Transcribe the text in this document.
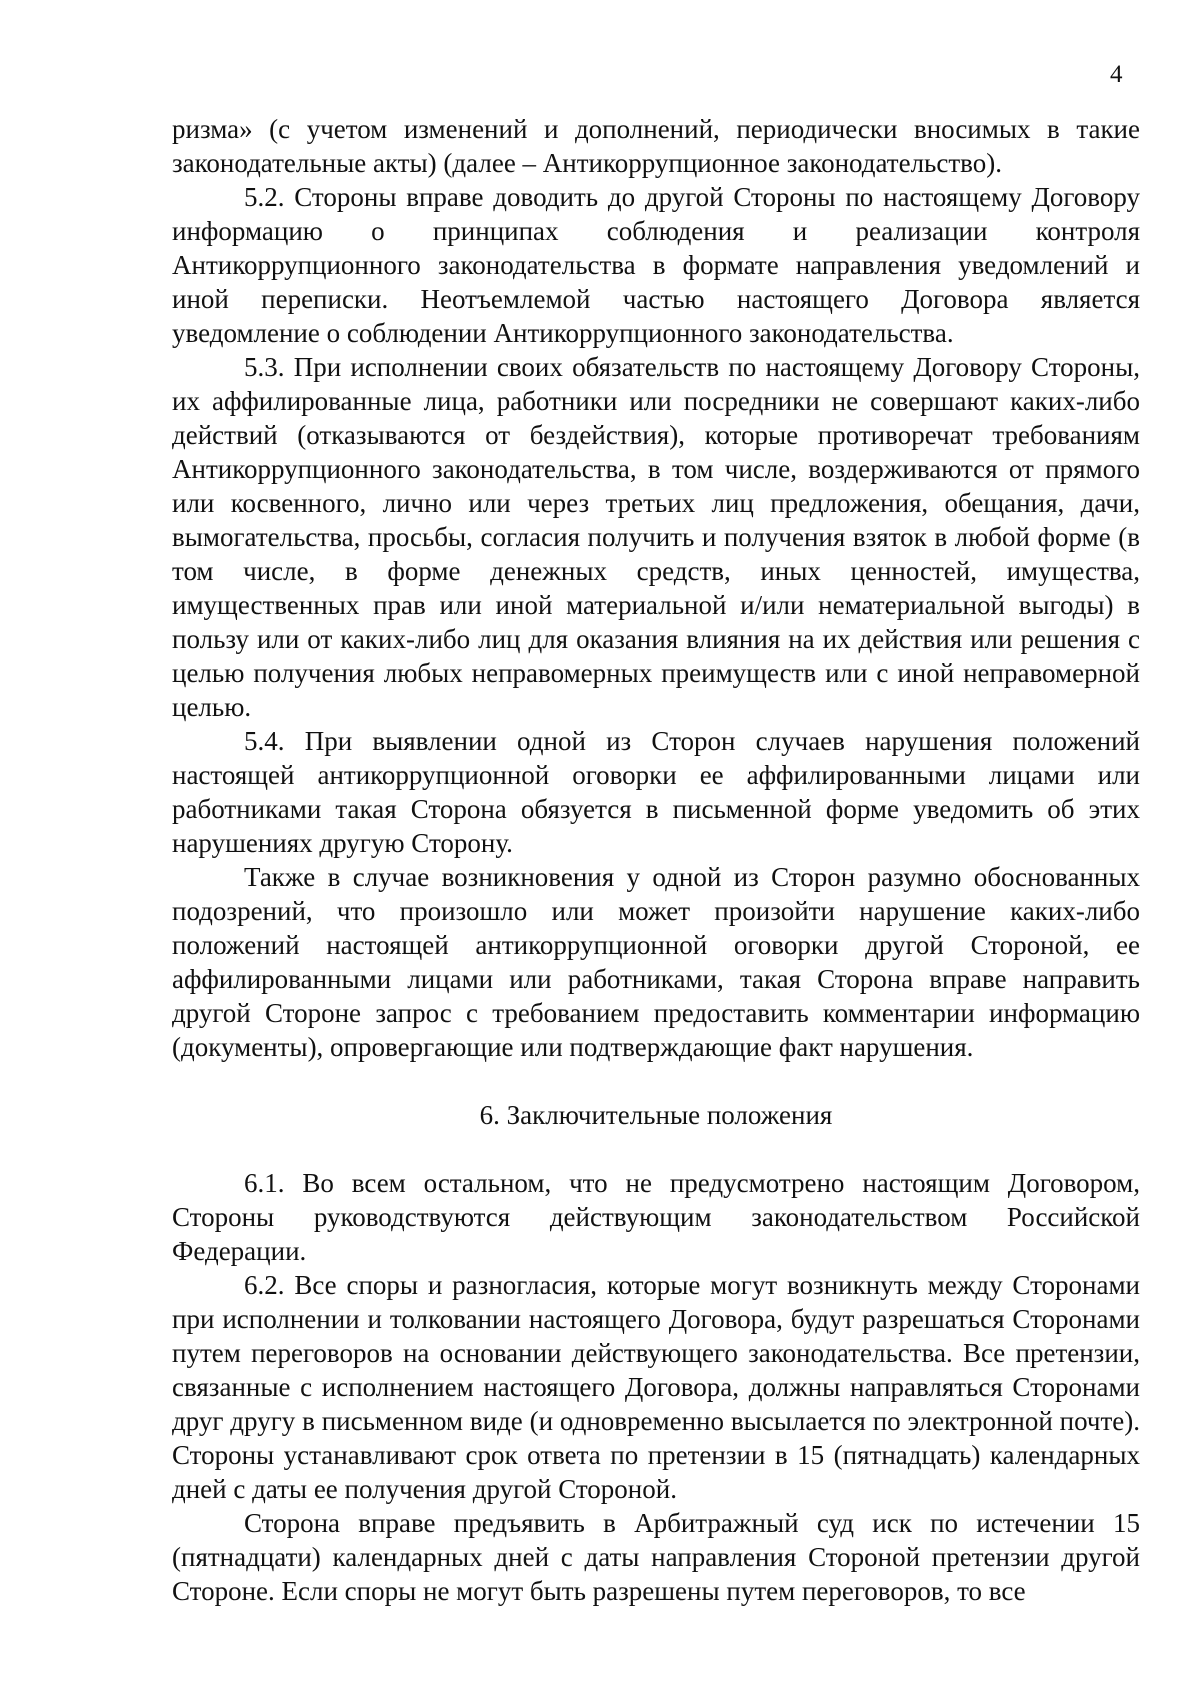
4

ризма» (с учетом изменений и дополнений, периодически вносимых в такие законодательные акты) (далее – Антикоррупционное законодательство).

5.2. Стороны вправе доводить до другой Стороны по настоящему Договору информацию о принципах соблюдения и реализации контроля Антикоррупционного законодательства в формате направления уведомлений и иной переписки. Неотъемлемой частью настоящего Договора является уведомление о соблюдении Антикоррупционного законодательства.

5.3. При исполнении своих обязательств по настоящему Договору Стороны, их аффилированные лица, работники или посредники не совершают каких-либо действий (отказываются от бездействия), которые противоречат требованиям Антикоррупционного законодательства, в том числе, воздерживаются от прямого или косвенного, лично или через третьих лиц предложения, обещания, дачи, вымогательства, просьбы, согласия получить и получения взяток в любой форме (в том числе, в форме денежных средств, иных ценностей, имущества, имущественных прав или иной материальной и/или нематериальной выгоды) в пользу или от каких-либо лиц для оказания влияния на их действия или решения с целью получения любых неправомерных преимуществ или с иной неправомерной целью.

5.4. При выявлении одной из Сторон случаев нарушения положений настоящей антикоррупционной оговорки ее аффилированными лицами или работниками такая Сторона обязуется в письменной форме уведомить об этих нарушениях другую Сторону.

Также в случае возникновения у одной из Сторон разумно обоснованных подозрений, что произошло или может произойти нарушение каких-либо положений настоящей антикоррупционной оговорки другой Стороной, ее аффилированными лицами или работниками, такая Сторона вправе направить другой Стороне запрос с требованием предоставить комментарии информацию (документы), опровергающие или подтверждающие факт нарушения.

6. Заключительные положения

6.1. Во всем остальном, что не предусмотрено настоящим Договором, Стороны руководствуются действующим законодательством Российской Федерации.

6.2. Все споры и разногласия, которые могут возникнуть между Сторонами при исполнении и толковании настоящего Договора, будут разрешаться Сторонами путем переговоров на основании действующего законодательства. Все претензии, связанные с исполнением настоящего Договора, должны направляться Сторонами друг другу в письменном виде (и одновременно высылается по электронной почте). Стороны устанавливают срок ответа по претензии в 15 (пятнадцать) календарных дней с даты ее получения другой Стороной.

Сторона вправе предъявить в Арбитражный суд иск по истечении 15 (пятнадцати) календарных дней с даты направления Стороной претензии другой Стороне. Если споры не могут быть разрешены путем переговоров, то все
